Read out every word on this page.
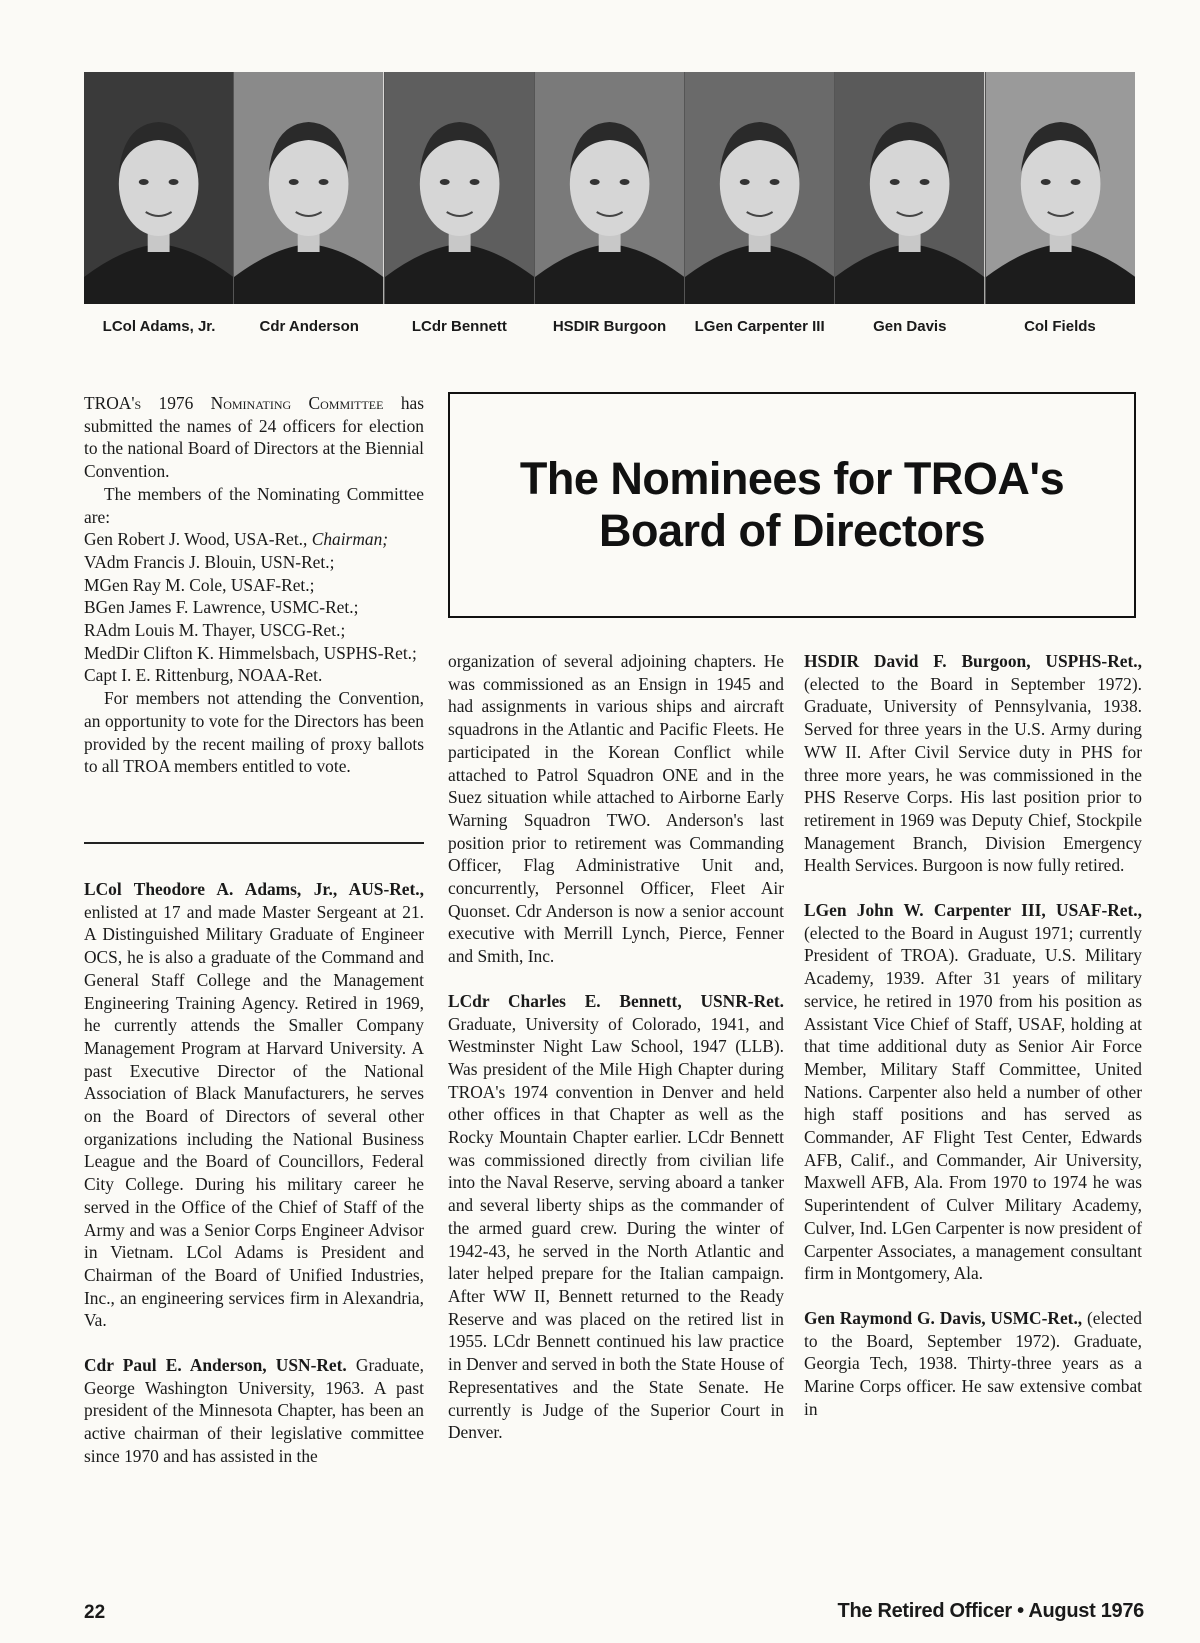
LCol Adams, Jr.	Cdr Anderson	LCdr Bennett	HSDIR Burgoon	LGen Carpenter III	Gen Davis	Col Fields

TROA's 1976 Nominating Committee has submitted the names of 24 officers for election to the national Board of Directors at the Biennial Convention.

The members of the Nominating Committee are:

Gen Robert J. Wood, USA-Ret., Chairman;

VAdm Francis J. Blouin, USN-Ret.;

MGen Ray M. Cole, USAF-Ret.;

BGen James F. Lawrence, USMC-Ret.;

RAdm Louis M. Thayer, USCG-Ret.;

MedDir Clifton K. Himmelsbach, USPHS-Ret.;

Capt I. E. Rittenburg, NOAA-Ret.

For members not attending the Convention, an opportunity to vote for the Directors has been provided by the recent mailing of proxy ballots to all TROA members entitled to vote.

LCol Theodore A. Adams, Jr., AUS-Ret., enlisted at 17 and made Master Sergeant at 21. A Distinguished Military Graduate of Engineer OCS, he is also a graduate of the Command and General Staff College and the Management Engineering Training Agency. Retired in 1969, he currently attends the Smaller Company Management Program at Harvard University. A past Executive Director of the National Association of Black Manufacturers, he serves on the Board of Directors of several other organizations including the National Business League and the Board of Councillors, Federal City College. During his military career he served in the Office of the Chief of Staff of the Army and was a Senior Corps Engineer Advisor in Vietnam. LCol Adams is President and Chairman of the Board of Unified Industries, Inc., an engineering services firm in Alexandria, Va.

Cdr Paul E. Anderson, USN-Ret. Graduate, George Washington University, 1963. A past president of the Minnesota Chapter, has been an active chairman of their legislative committee since 1970 and has assisted in the

The Nominees for TROA's
Board of Directors

organization of several adjoining chapters. He was commissioned as an Ensign in 1945 and had assignments in various ships and aircraft squadrons in the Atlantic and Pacific Fleets. He participated in the Korean Conflict while attached to Patrol Squadron ONE and in the Suez situation while attached to Airborne Early Warning Squadron TWO. Anderson's last position prior to retirement was Commanding Officer, Flag Administrative Unit and, concurrently, Personnel Officer, Fleet Air Quonset. Cdr Anderson is now a senior account executive with Merrill Lynch, Pierce, Fenner and Smith, Inc.

LCdr Charles E. Bennett, USNR-Ret. Graduate, University of Colorado, 1941, and Westminster Night Law School, 1947 (LLB). Was president of the Mile High Chapter during TROA's 1974 convention in Denver and held other offices in that Chapter as well as the Rocky Mountain Chapter earlier. LCdr Bennett was commissioned directly from civilian life into the Naval Reserve, serving aboard a tanker and several liberty ships as the commander of the armed guard crew. During the winter of 1942-43, he served in the North Atlantic and later helped prepare for the Italian campaign. After WW II, Bennett returned to the Ready Reserve and was placed on the retired list in 1955. LCdr Bennett continued his law practice in Denver and served in both the State House of Representatives and the State Senate. He currently is Judge of the Superior Court in Denver.

HSDIR David F. Burgoon, USPHS-Ret., (elected to the Board in September 1972). Graduate, University of Pennsylvania, 1938. Served for three years in the U.S. Army during WW II. After Civil Service duty in PHS for three more years, he was commissioned in the PHS Reserve Corps. His last position prior to retirement in 1969 was Deputy Chief, Stockpile Management Branch, Division Emergency Health Services. Burgoon is now fully retired.

LGen John W. Carpenter III, USAF-Ret., (elected to the Board in August 1971; currently President of TROA). Graduate, U.S. Military Academy, 1939. After 31 years of military service, he retired in 1970 from his position as Assistant Vice Chief of Staff, USAF, holding at that time additional duty as Senior Air Force Member, Military Staff Committee, United Nations. Carpenter also held a number of other high staff positions and has served as Commander, AF Flight Test Center, Edwards AFB, Calif., and Commander, Air University, Maxwell AFB, Ala. From 1970 to 1974 he was Superintendent of Culver Military Academy, Culver, Ind. LGen Carpenter is now president of Carpenter Associates, a management consultant firm in Montgomery, Ala.

Gen Raymond G. Davis, USMC-Ret., (elected to the Board, September 1972). Graduate, Georgia Tech, 1938. Thirty-three years as a Marine Corps officer. He saw extensive combat in

22	The Retired Officer • August 1976
